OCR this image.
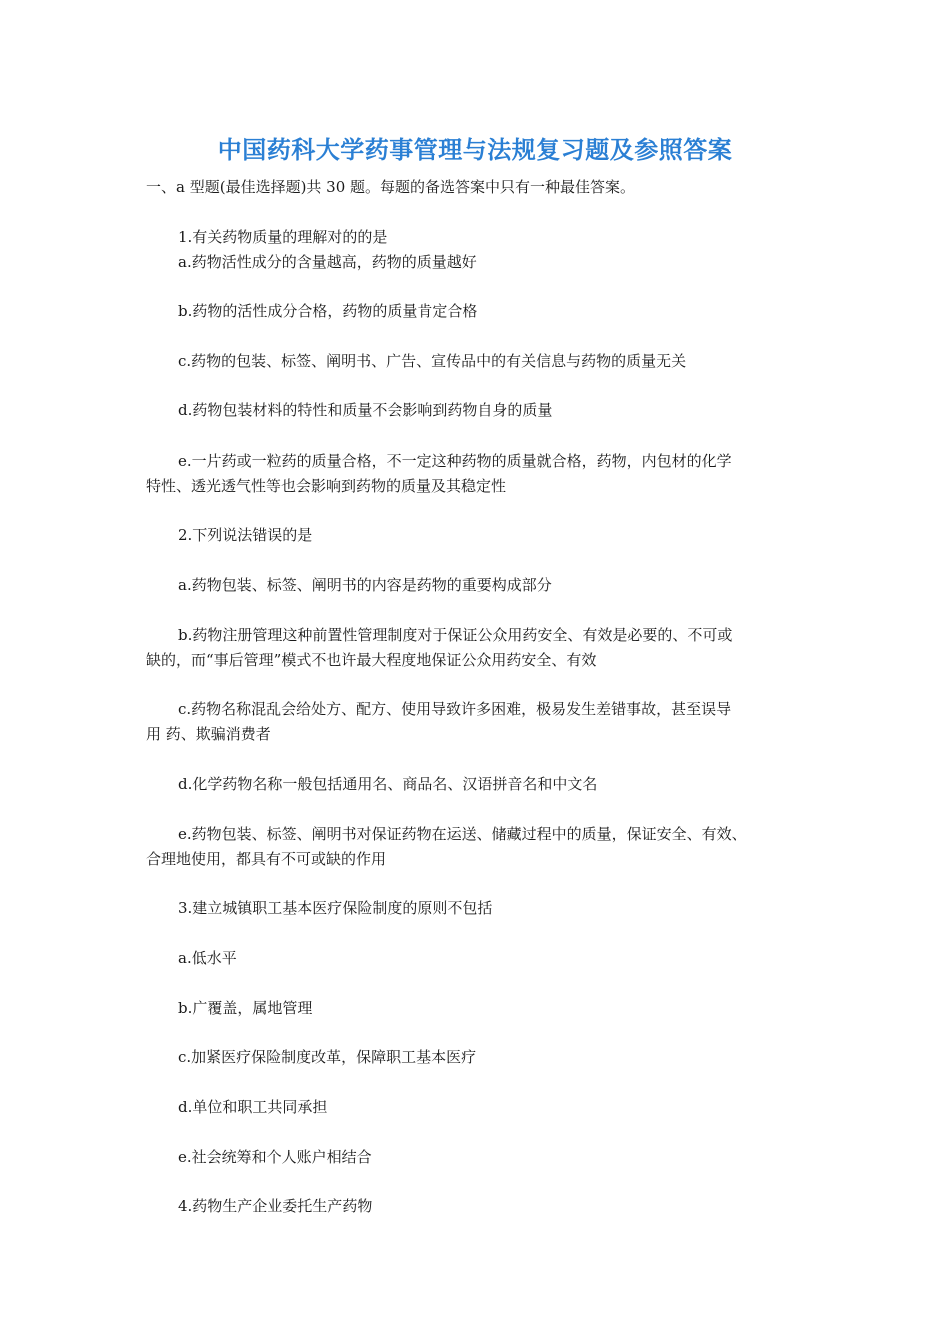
中国药科大学药事管理与法规复习题及参照答案
一、a 型题(最佳选择题)共 30 题。每题的备选答案中只有一种最佳答案。
1.有关药物质量的理解对的的是
a.药物活性成分的含量越高，药物的质量越好
b.药物的活性成分合格，药物的质量肯定合格
c.药物的包装、标签、阐明书、广告、宣传品中的有关信息与药物的质量无关
d.药物包装材料的特性和质量不会影响到药物自身的质量
e.一片药或一粒药的质量合格，不一定这种药物的质量就合格，药物，内包材的化学
特性、透光透气性等也会影响到药物的质量及其稳定性
2.下列说法错误的是
a.药物包装、标签、阐明书的内容是药物的重要构成部分
b.药物注册管理这种前置性管理制度对于保证公众用药安全、有效是必要的、不可或
缺的，而“事后管理”模式不也许最大程度地保证公众用药安全、有效
c.药物名称混乱会给处方、配方、使用导致许多困难，极易发生差错事故，甚至误导
用 药、欺骗消费者
d.化学药物名称一般包括通用名、商品名、汉语拼音名和中文名
e.药物包装、标签、阐明书对保证药物在运送、储藏过程中的质量，保证安全、有效、
合理地使用，都具有不可或缺的作用
3.建立城镇职工基本医疗保险制度的原则不包括
a.低水平
b.广覆盖，属地管理
c.加紧医疗保险制度改革，保障职工基本医疗
d.单位和职工共同承担
e.社会统筹和个人账户相结合
4.药物生产企业委托生产药物
